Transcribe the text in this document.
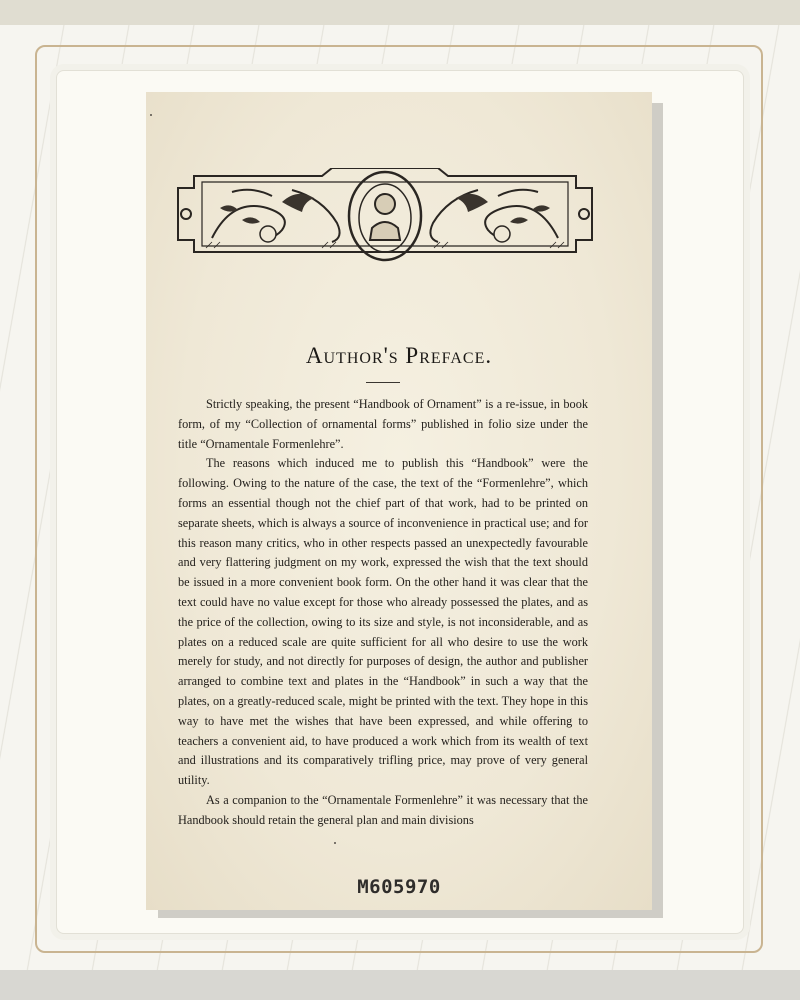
Author's Preface.

Strictly speaking, the present “Handbook of Ornament” is a re-issue, in book form, of my “Collection of ornamental forms” published in folio size under the title “Ornamentale Formenlehre”.

The reasons which induced me to publish this “Handbook” were the following. Owing to the nature of the case, the text of the “Formenlehre”, which forms an essential though not the chief part of that work, had to be printed on separate sheets, which is always a source of inconvenience in practical use; and for this reason many critics, who in other respects passed an unexpectedly favourable and very flattering judgment on my work, expressed the wish that the text should be issued in a more convenient book form. On the other hand it was clear that the text could have no value except for those who already possessed the plates, and as the price of the collection, owing to its size and style, is not inconsiderable, and as plates on a reduced scale are quite sufficient for all who desire to use the work merely for study, and not directly for purposes of design, the author and publisher arranged to combine text and plates in the “Handbook” in such a way that the plates, on a greatly-reduced scale, might be printed with the text. They hope in this way to have met the wishes that have been expressed, and while offering to teachers a convenient aid, to have produced a work which from its wealth of text and illustrations and its comparatively trifling price, may prove of very general utility.

As a companion to the “Ornamentale Formenlehre” it was necessary that the Handbook should retain the general plan and main divisions

M605970
